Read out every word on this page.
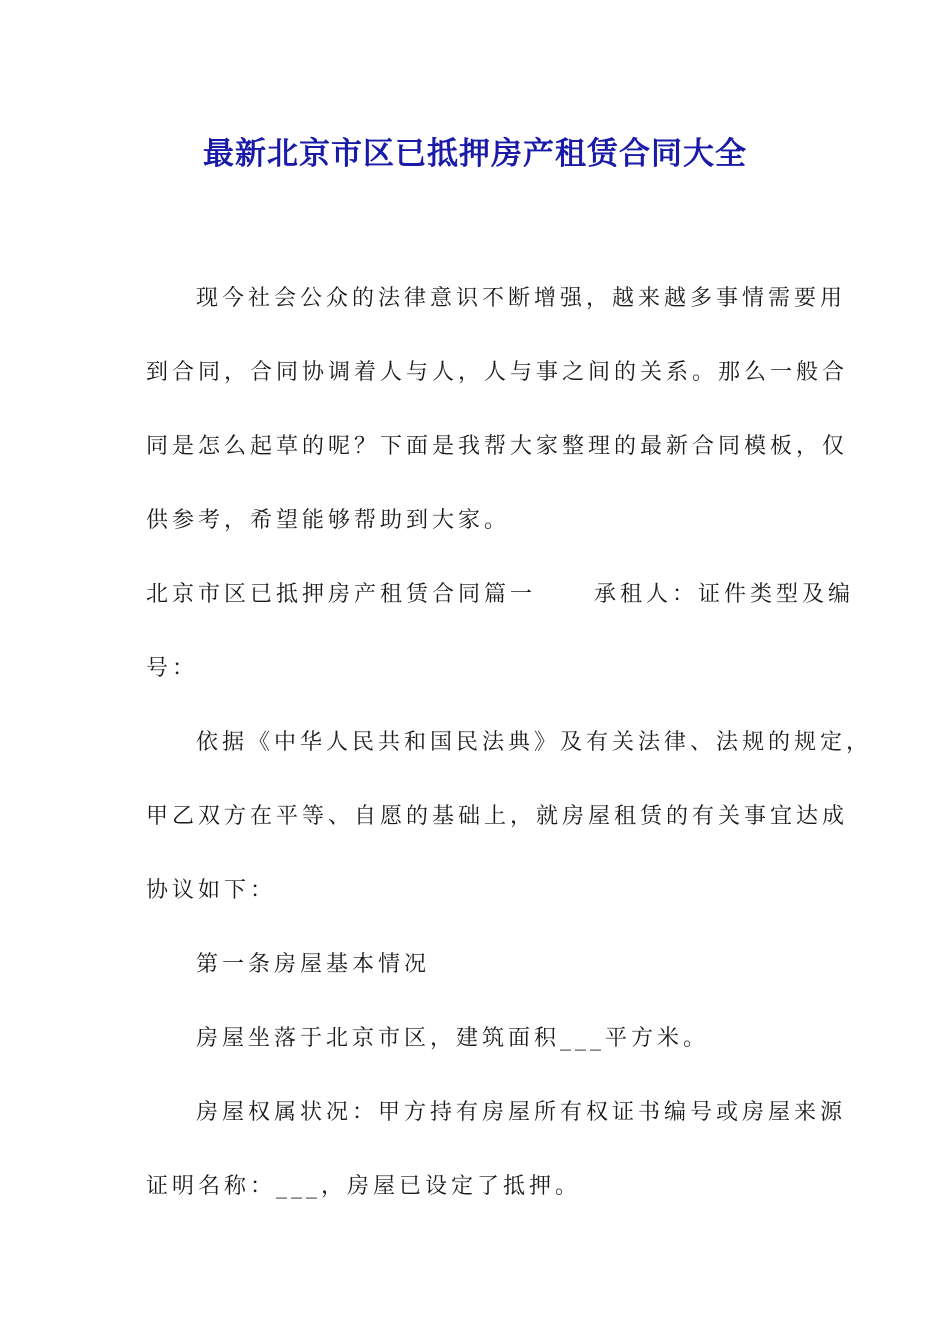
最新北京市区已抵押房产租赁合同大全
现今社会公众的法律意识不断增强，越来越多事情需要用
到合同，合同协调着人与人，人与事之间的关系。那么一般合
同是怎么起草的呢？下面是我帮大家整理的最新合同模板，仅
供参考，希望能够帮助到大家。
北京市区已抵押房产租赁合同篇一	承租人：证件类型及编
号：
依据《中华人民共和国民法典》及有关法律、法规的规定，
甲乙双方在平等、自愿的基础上，就房屋租赁的有关事宜达成
协议如下：
第一条房屋基本情况
房屋坐落于北京市区，建筑面积___平方米。
房屋权属状况：甲方持有房屋所有权证书编号或房屋来源
证明名称：___，房屋已设定了抵押。
